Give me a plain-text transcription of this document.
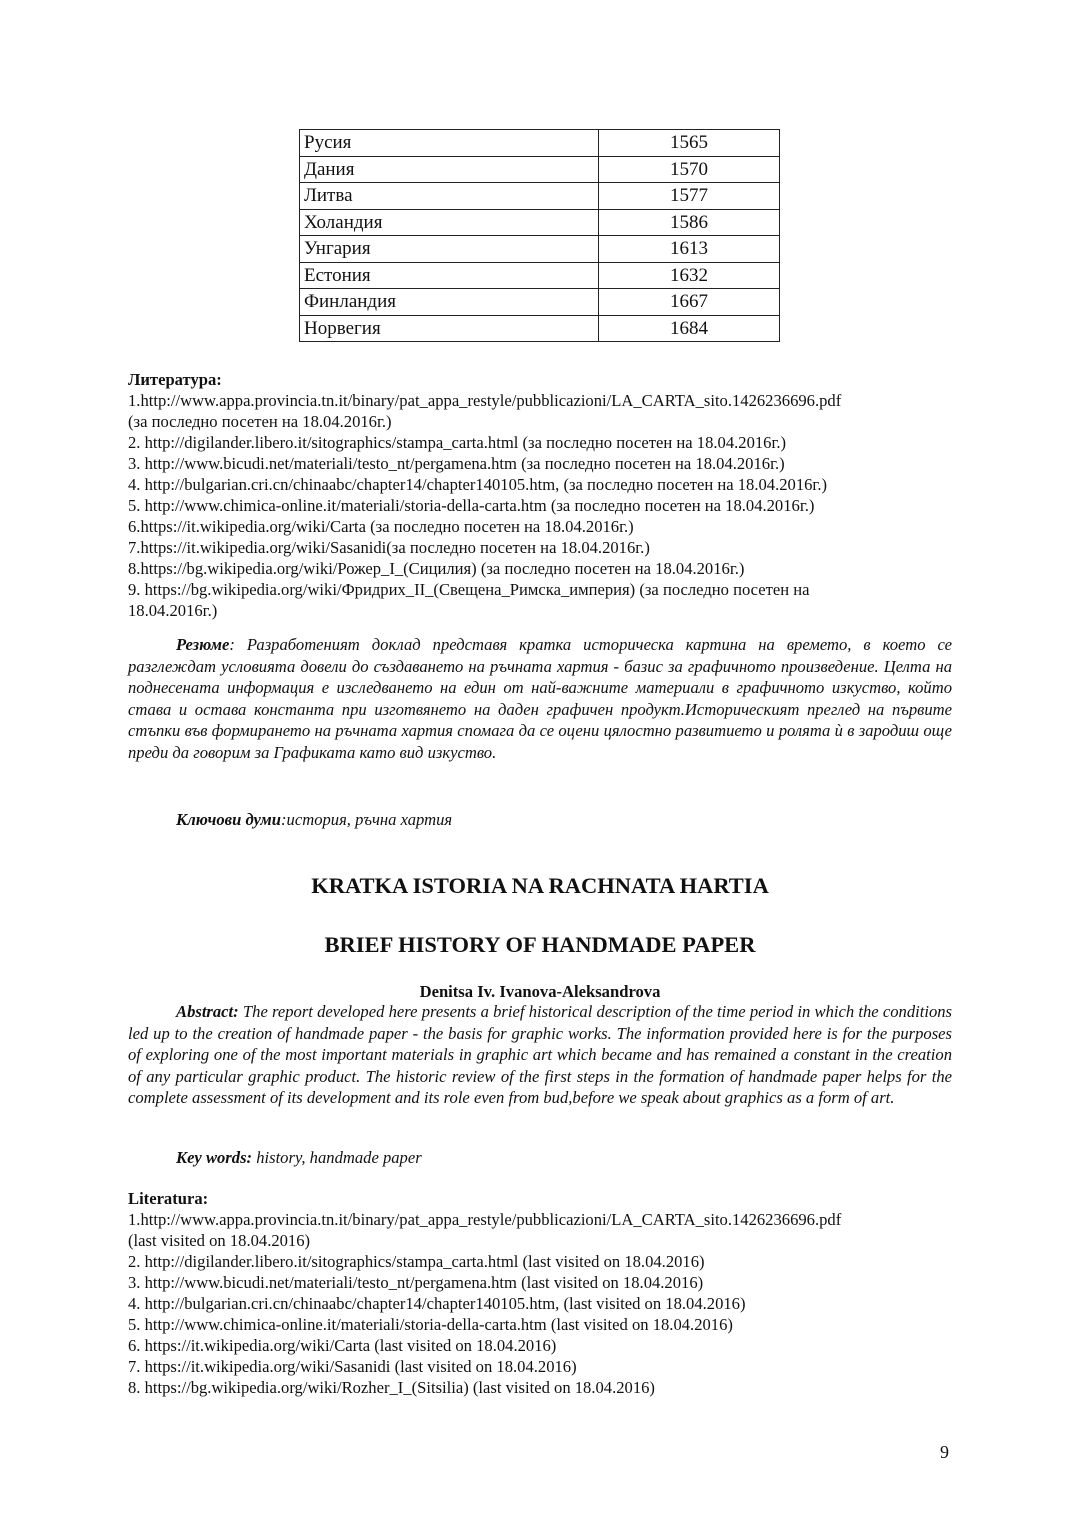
Русия	1565
Дания	1570
Литва	1577
Холандия	1586
Унгария	1613
Естония	1632
Финландия	1667
Норвегия	1684
Литература:
1.http://www.appa.provincia.tn.it/binary/pat_appa_restyle/pubblicazioni/LA_CARTA_sito.1426236696.pdf
(за последно посетен на 18.04.2016г.)
2. http://digilander.libero.it/sitographics/stampa_carta.html (за последно посетен на 18.04.2016г.)
3. http://www.bicudi.net/materiali/testo_nt/pergamena.htm (за последно посетен на 18.04.2016г.)
4. http://bulgarian.cri.cn/chinaabc/chapter14/chapter140105.htm, (за последно посетен на 18.04.2016г.)
5. http://www.chimica-online.it/materiali/storia-della-carta.htm (за последно посетен на 18.04.2016г.)
6.https://it.wikipedia.org/wiki/Carta (за последно посетен на 18.04.2016г.)
7.https://it.wikipedia.org/wiki/Sasanidi(за последно посетен на 18.04.2016г.)
8.https://bg.wikipedia.org/wiki/Рожер_I_(Сицилия) (за последно посетен на 18.04.2016г.)
9. https://bg.wikipedia.org/wiki/Фридрих_II_(Свещена_Римска_империя) (за последно посетен на
18.04.2016г.)
Резюме: Разработеният доклад представя кратка историческа картина на времето, в което се разглеждат условията довели до създаването на ръчната хартия - базис за графичното произведение. Целта на поднесената информация е изследването на един от най-важните материали в графичното изкуство, който става и остава константа при изготвянето на даден графичен продукт.Историческият преглед на първите стъпки във формирането на ръчната хартия спомага да се оцени цялостно развитието и ролята ѝ в зародиш още преди да говорим за Графиката като вид изкуство.
Ключови думи:история, ръчна хартия
KRATKA ISTORIA NA RACHNATA HARTIA
BRIEF HISTORY OF HANDMADE PAPER
Denitsa Iv. Ivanova-Aleksandrova
Abstract: The report developed here presents a brief historical description of the time period in which the conditions led up to the creation of handmade paper - the basis for graphic works. The information provided here is for the purposes of exploring one of the most important materials in graphic art which became and has remained a constant in the creation of any particular graphic product. The historic review of the first steps in the formation of handmade paper helps for the complete assessment of its development and its role even from bud,before we speak about graphics as a form of art.
Key words: history, handmade paper
Literatura:
1.http://www.appa.provincia.tn.it/binary/pat_appa_restyle/pubblicazioni/LA_CARTA_sito.1426236696.pdf
(last visited on 18.04.2016)
2. http://digilander.libero.it/sitographics/stampa_carta.html (last visited on 18.04.2016)
3. http://www.bicudi.net/materiali/testo_nt/pergamena.htm (last visited on 18.04.2016)
4. http://bulgarian.cri.cn/chinaabc/chapter14/chapter140105.htm, (last visited on 18.04.2016)
5. http://www.chimica-online.it/materiali/storia-della-carta.htm (last visited on 18.04.2016)
6. https://it.wikipedia.org/wiki/Carta (last visited on 18.04.2016)
7. https://it.wikipedia.org/wiki/Sasanidi (last visited on 18.04.2016)
8. https://bg.wikipedia.org/wiki/Rozher_I_(Sitsilia) (last visited on 18.04.2016)
9
